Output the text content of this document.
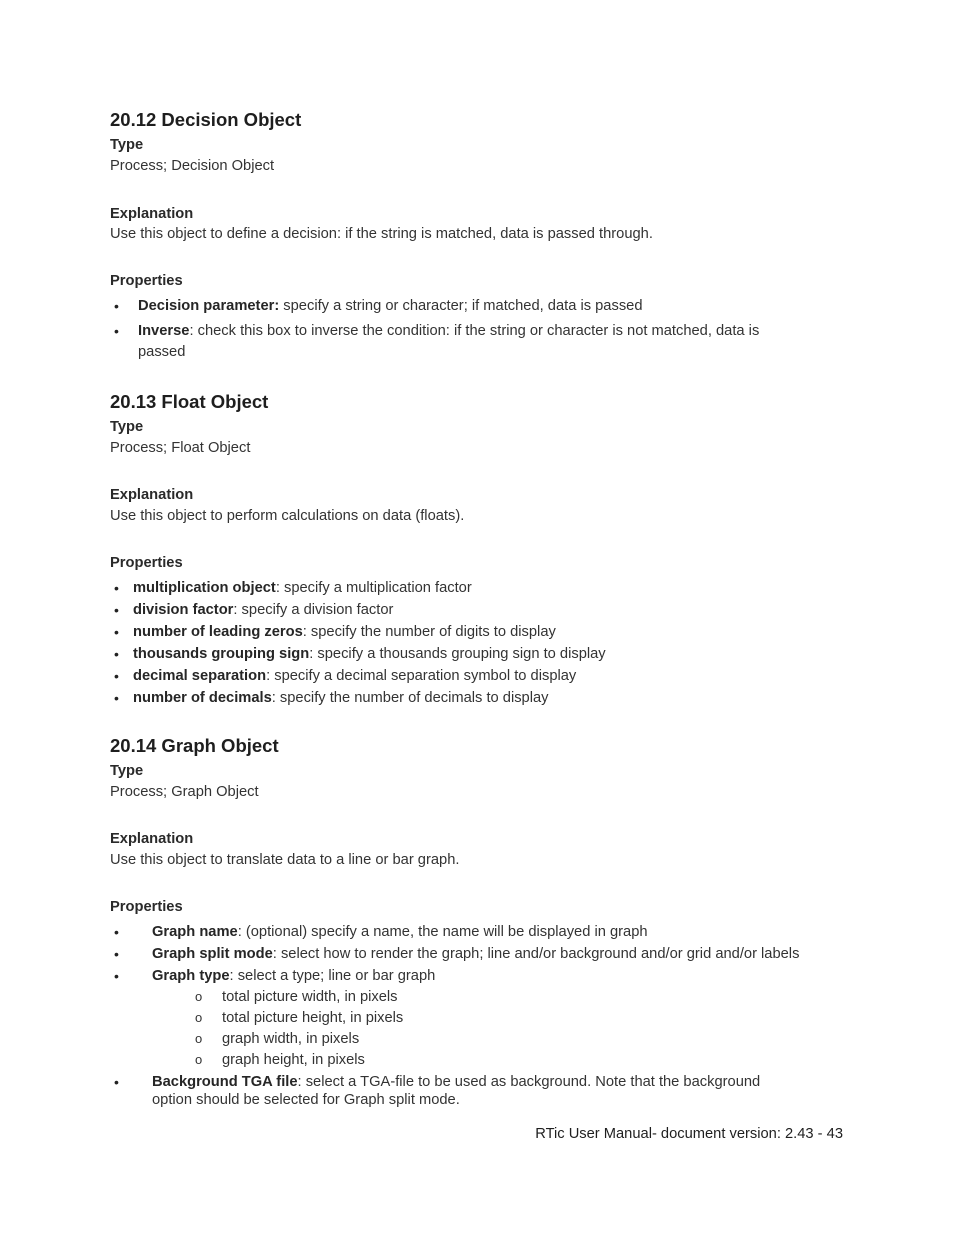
20.12 Decision Object
Type
Process; Decision Object
Explanation
Use this object to define a decision: if the string is matched, data is passed through.
Properties
• Decision parameter: specify a string or character; if matched, data is passed
• Inverse: check this box to inverse the condition: if the string or character is not matched, data is
passed
20.13 Float Object
Type
Process; Float Object
Explanation
Use this object to perform calculations on data (floats).
Properties
• multiplication object: specify a multiplication factor
• division factor: specify a division factor
• number of leading zeros: specify the number of digits to display
• thousands grouping sign: specify a thousands grouping sign to display
• decimal separation: specify a decimal separation symbol to display
• number of decimals: specify the number of decimals to display
20.14 Graph Object
Type
Process; Graph Object
Explanation
Use this object to translate data to a line or bar graph.
Properties
• Graph name: (optional) specify a name, the name will be displayed in graph
• Graph split mode: select how to render the graph; line and/or background and/or grid and/or labels
• Graph type: select a type; line or bar graph
o total picture width, in pixels
o total picture height, in pixels
o graph width, in pixels
o graph height, in pixels
• Background TGA file: select a TGA-file to be used as background. Note that the background
option should be selected for Graph split mode.
RTic User Manual- document version: 2.43 - 43
